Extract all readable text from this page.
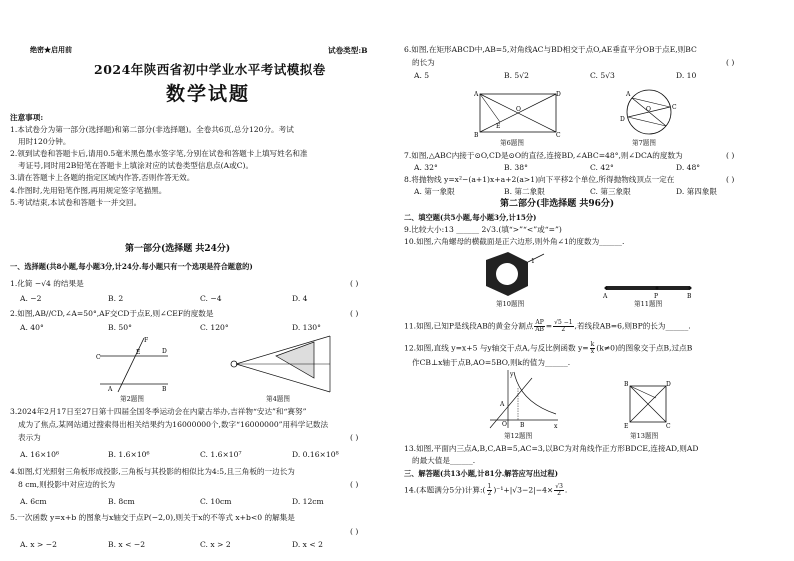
绝密★启用前	试卷类型:B
2024年陕西省初中学业水平考试模拟卷
数学试题
注意事项:
1.本试卷分为第一部分(选择题)和第二部分(非选择题)。全卷共6页,总分120分。考试
用时120分钟。
2.领到试卷和答题卡后,请用0.5毫米黑色墨水签字笔,分别在试卷和答题卡上填写姓名和准
考证号,同时用2B铅笔在答题卡上填涂对应的试卷类型信息点(A或C)。
3.请在答题卡上各题的指定区域内作答,否则作答无效。
4.作图时,先用铅笔作图,再用规定签字笔描黑。
5.考试结束,本试卷和答题卡一并交回。
第一部分(选择题 共24分)
一、选择题(共8小题,每小题3分,计24分.每小题只有一个选项是符合题意的)
1.化简 −√4 的结果是	( )
A. −2	B. 2	C. −4	D. 4
2.如图,AB//CD,∠A=50°,AF交CD于点E,则∠CEF的度数是	( )
A. 40°	B. 50°	C. 120°	D. 130°
C
D
A	B
F
E
第2题图	第4题图
3.2024年2月17日至27日第十四届全国冬季运动会在内蒙古举办,吉祥物“安达”和“赛努”
成为了焦点,某网站通过搜索得出相关结果约为16000000个,数字“16000000”用科学记数法
表示为	( )
A. 16×10⁶	B. 1.6×10⁶	C. 1.6×10⁷	D. 0.16×10⁸
4.如图,灯光照射三角板形成投影,三角板与其投影的相似比为4:5,且三角板的一边长为
8 cm,则投影中对应边的长为	( )
A. 6cm	B. 8cm	C. 10cm	D. 12cm
5.一次函数 y=x+b 的图象与x轴交于点P(−2,0),则关于x的不等式 x+b<0 的解集是
( )
A. x > −2	B. x < −2	C. x > 2	D. x < 2
6.如图,在矩形ABCD中,AB=5,对角线AC与BD相交于点O,AE垂直平分OB于点E,则BC
的长为	( )
A. 5	B. 5√2	C. 5√3	D. 10
A	D
B	C
O
E
第6题图
A
O
D
C
第7题图
7.如图,△ABC内接于⊙O,CD是⊙O的直径,连接BD,∠ABC=48°,则∠DCA的度数为	( )
A. 32°	B. 38°	C. 42°	D. 48°
8.将抛物线 y=x²−(a+1)x+a+2(a>1)向下平移2个单位,所得抛物线顶点一定在	( )
A. 第一象限	B. 第二象限	C. 第三象限	D. 第四象限
第二部分(非选择题 共96分)
二、填空题(共5小题,每小题3分,计15分)
9.比较大小:13 ______ 2√3.(填“>”“<”或“=”)
10.如图,六角螺母的横截面是正六边形,则外角∠1的度数为______.
1
第10题图
A	P	B
第11题图
11.如图,已知P是线段AB的黄金分割点 $\frac{AP}{AB} = \frac{√5 -1}{2}$ ,若线段AB=6,则BP的长为______.
12.如图,直线 y=x+5 与y轴交于点A,与反比例函数 $y= \frac{k}{x} (k\ne 0)$的图象交于点B,过点B
作CB⊥x轴于点B,AO=5BO,则k的值为______.
y
x
O B
A
第12题图
B	D
E	C
第13题图
13.如图,平面内三点A,B,C,AB=5,AC=3,以BC为对角线作正方形BDCE,连接AD,则AD
的最大值是______.
三、解答题(共13小题,计81分.解答应写出过程)
14.(本题满分5分)计算:( $\frac{1}{2} )^{-1}+|√3-2|-4\times \frac{√3}{2}$ .
